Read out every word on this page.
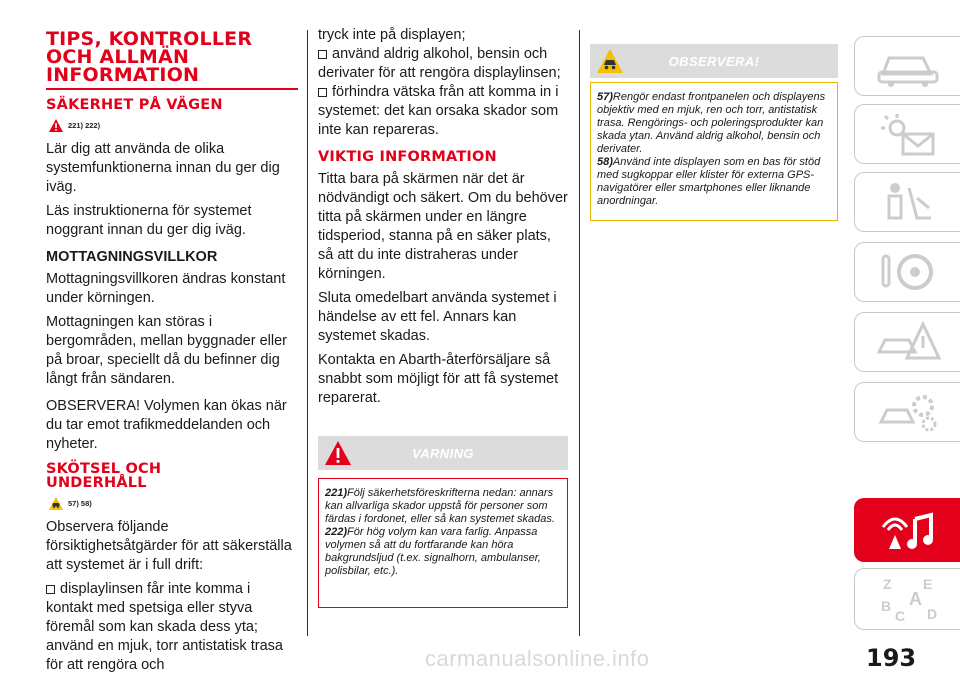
TIPS, KONTROLLER
OCH ALLMÄN
INFORMATION
SÄKERHET PÅ VÄGEN
221) 222)

Lär dig att använda de olika systemfunktionerna innan du ger dig iväg.

Läs instruktionerna för systemet noggrant innan du ger dig iväg.

MOTTAGNINGSVILLKOR

Mottagningsvillkoren ändras konstant under körningen.

Mottagningen kan störas i bergområden, mellan byggnader eller på broar, speciellt då du befinner dig långt från sändaren.

OBSERVERA! Volymen kan ökas när du tar emot trafikmeddelanden och nyheter.

SKÖTSEL OCH
UNDERHÅLL
57) 58)

Observera följande försiktighetsåtgärder för att säkerställa att systemet är i full drift:

displaylinsen får inte komma i kontakt med spetsiga eller styva föremål som kan skada dess yta; använd en mjuk, torr antistatisk trasa för att rengöra och

tryck inte på displayen;

använd aldrig alkohol, bensin och derivater för att rengöra displaylinsen;

förhindra vätska från att komma in i systemet: det kan orsaka skador som inte kan repareras.

VIKTIG INFORMATION

Titta bara på skärmen när det är nödvändigt och säkert. Om du behöver titta på skärmen under en längre tidsperiod, stanna på en säker plats, så att du inte distraheras under körningen.

Sluta omedelbart använda systemet i händelse av ett fel. Annars kan systemet skadas.

Kontakta en Abarth-återförsäljare så snabbt som möjligt för att få systemet reparerat.

VARNING

221)Följ säkerhetsföreskrifterna nedan: annars kan allvarliga skador uppstå för personer som färdas i fordonet, eller så kan systemet skadas.

222)För hög volym kan vara farlig. Anpassa volymen så att du fortfarande kan höra bakgrundsljud (t.ex. signalhorn, ambulanser, polisbilar, etc.).

OBSERVERA!

57)Rengör endast frontpanelen och displayens objektiv med en mjuk, ren och torr, antistatisk trasa. Rengörings- och poleringsprodukter kan skada ytan. Använd aldrig alkohol, bensin och derivater.

58)Använd inte displayen som en bas för stöd med sugkoppar eller klister för externa GPS-navigatörer eller smartphones eller liknande anordningar.

Z E
B A
C D
carmanualsonline.info	193
